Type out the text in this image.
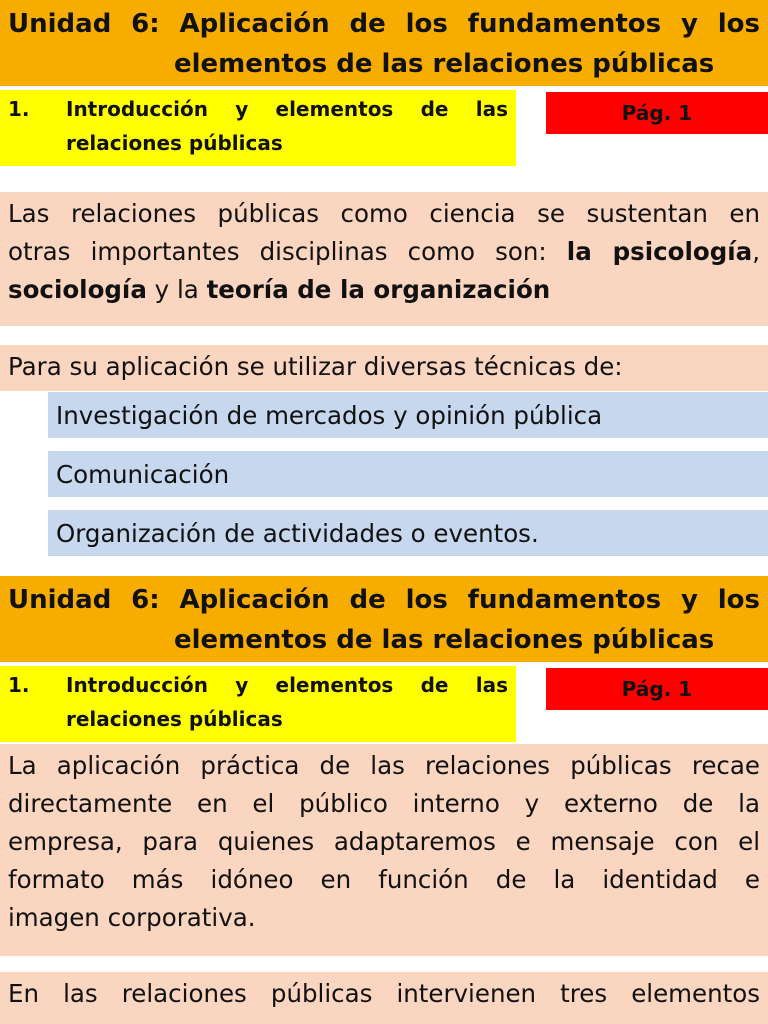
Unidad 6: Aplicación de los fundamentos y los
elementos de las relaciones públicas
1.	Introducción y elementos de las
relaciones públicas
Pág. 1
Las relaciones públicas como ciencia se sustentan en
otras importantes disciplinas como son: la psicología,
sociología y la teoría de la organización
Para su aplicación se utilizar diversas técnicas de:
Investigación de mercados y opinión pública
Comunicación
Organización de actividades o eventos.
Unidad 6: Aplicación de los fundamentos y los
elementos de las relaciones públicas
1.	Introducción y elementos de las
relaciones públicas
Pág. 1
La aplicación práctica de las relaciones públicas recae
directamente en el público interno y externo de la
empresa, para quienes adaptaremos e mensaje con el
formato más idóneo en función de la identidad e
imagen corporativa.
En las relaciones públicas intervienen tres elementos
